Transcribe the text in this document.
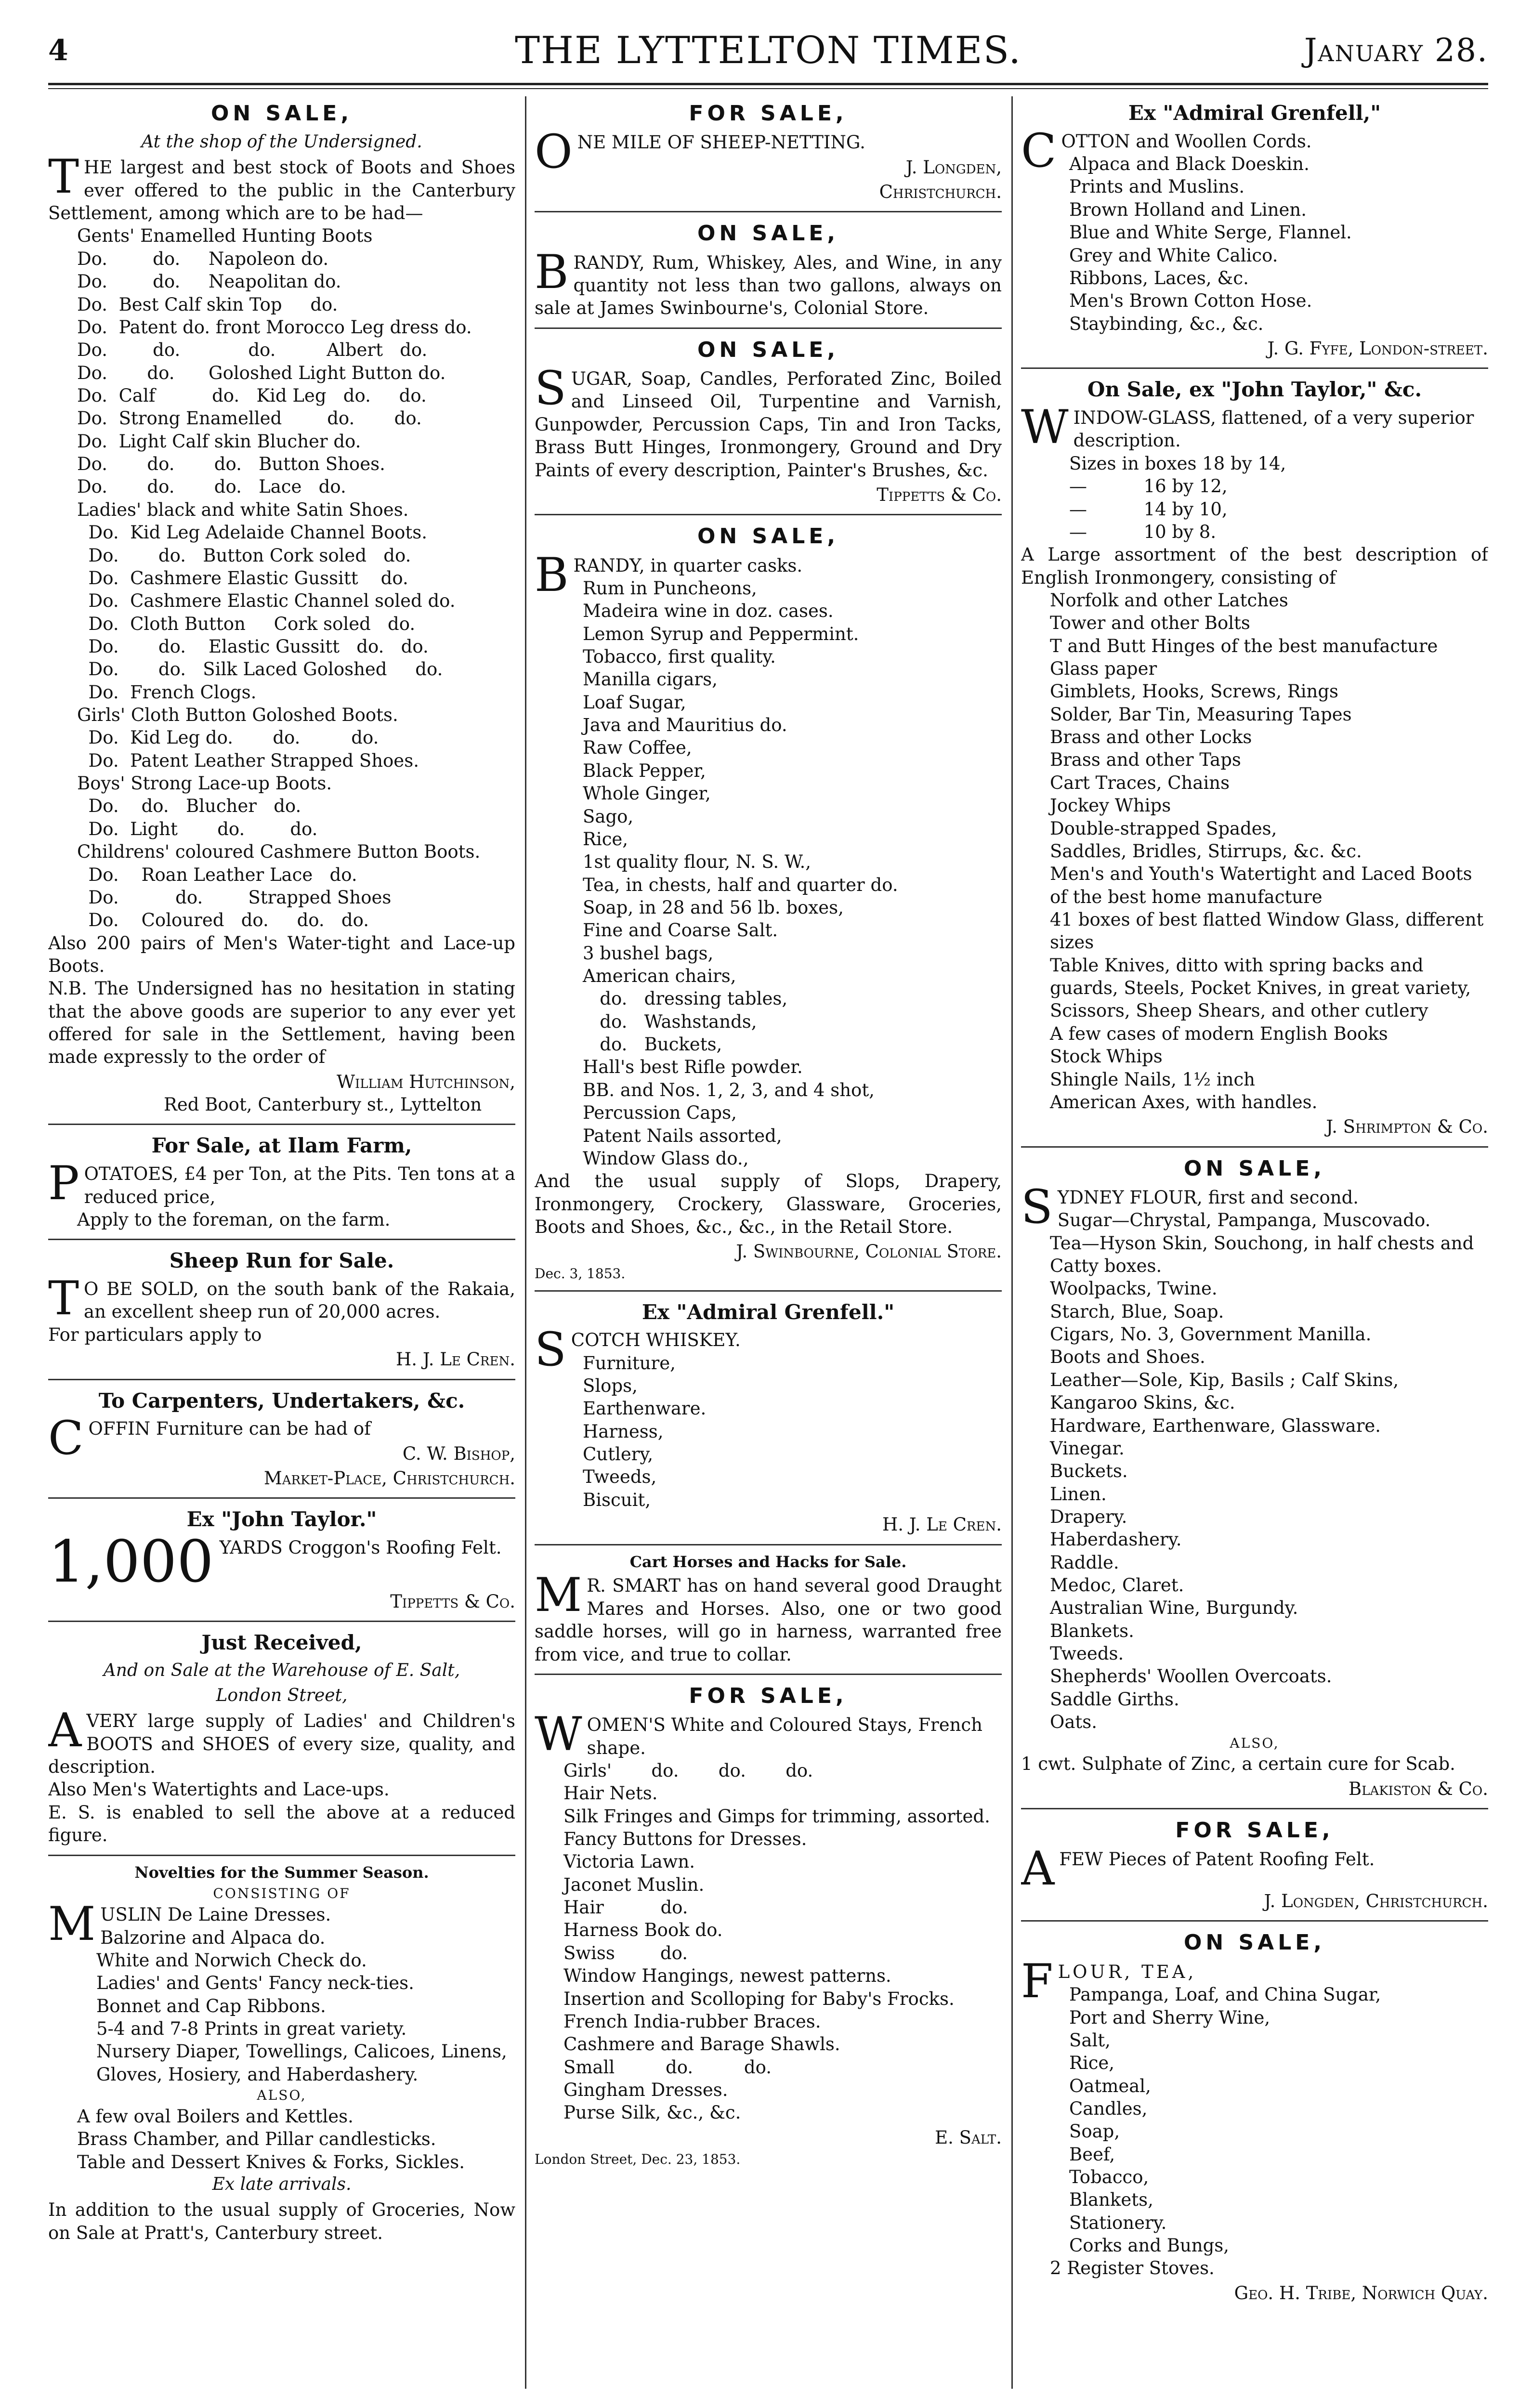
4	THE LYTTELTON TIMES.	January 28.
ON SALE,
At the shop of the Undersigned.
THE largest and best stock of Boots and Shoes ever offered to the public in the Canterbury Settlement, among which are to be had—
Gents' Enamelled Hunting Boots
Do.        do.     Napoleon do.
Do.        do.     Neapolitan do.
Do.  Best Calf skin Top     do.
Do.  Patent do. front Morocco Leg dress do.
Do.        do.            do.         Albert   do.
Do.       do.      Goloshed Light Button do.
Do.  Calf          do.   Kid Leg   do.     do.
Do.  Strong Enamelled        do.       do.
Do.  Light Calf skin Blucher do.
Do.       do.       do.   Button Shoes.
Do.       do.       do.   Lace   do.
Ladies' black and white Satin Shoes.
Do.  Kid Leg Adelaide Channel Boots.
Do.       do.   Button Cork soled   do.
Do.  Cashmere Elastic Gussitt    do.
Do.  Cashmere Elastic Channel soled do.
Do.  Cloth Button     Cork soled   do.
Do.       do.    Elastic Gussitt   do.   do.
Do.       do.   Silk Laced Goloshed     do.
Do.  French Clogs.
Girls' Cloth Button Goloshed Boots.
Do.  Kid Leg do.       do.         do.
Do.  Patent Leather Strapped Shoes.
Boys' Strong Lace-up Boots.
Do.    do.   Blucher   do.
Do.  Light       do.        do.
Childrens' coloured Cashmere Button Boots.
Do.    Roan Leather Lace   do.
Do.          do.        Strapped Shoes
Do.    Coloured   do.     do.   do.
Also 200 pairs of Men's Water-tight and Lace-up Boots.
N.B. The Undersigned has no hesitation in stating that the above goods are superior to any ever yet offered for sale in the Settlement, having been made expressly to the order of
William Hutchinson,
Red Boot, Canterbury st., Lyttelton
For Sale, at Ilam Farm,
POTATOES, £4 per Ton, at the Pits. Ten tons at a reduced price,
Apply to the foreman, on the farm.
Sheep Run for Sale.
T O BE SOLD, on the south bank of the Rakaia, an excellent sheep run of 20,000 acres.
For particulars apply to
H. J. Le Cren.
To Carpenters, Undertakers, &c.
COFFIN Furniture can be had of
C. W. Bishop,
Market-Place, Christchurch.
Ex "John Taylor."
1,000 YARDS Croggon's Roofing Felt.
Tippetts & Co.
Just Received,
And on Sale at the Warehouse of E. Salt,
London Street,
AVERY large supply of Ladies' and Children's BOOTS and SHOES of every size, quality, and description.
Also Men's Watertights and Lace-ups.
E. S. is enabled to sell the above at a reduced figure.
Novelties for the Summer Season.
CONSISTING OF
MUSLIN De Laine Dresses.
Balzorine and Alpaca do.
White and Norwich Check do.
Ladies' and Gents' Fancy neck-ties.
Bonnet and Cap Ribbons.
5-4 and 7-8 Prints in great variety.
Nursery Diaper, Towellings, Calicoes, Linens,
Gloves, Hosiery, and Haberdashery.
ALSO,
A few oval Boilers and Kettles.
Brass Chamber, and Pillar candlesticks.
Table and Dessert Knives & Forks, Sickles.
Ex late arrivals.
In addition to the usual supply of Groceries, Now on Sale at Pratt's, Canterbury street.
FOR SALE,
ONE MILE OF SHEEP-NETTING.
J. Longden,
Christchurch.
ON SALE,
BRANDY, Rum, Whiskey, Ales, and Wine, in any quantity not less than two gallons, always on sale at James Swinbourne's, Colonial Store.
ON SALE,
SUGAR, Soap, Candles, Perforated Zinc, Boiled and Linseed Oil, Turpentine and Varnish, Gunpowder, Percussion Caps, Tin and Iron Tacks, Brass Butt Hinges, Ironmongery, Ground and Dry Paints of every description, Painter's Brushes, &c.
Tippetts & Co.
ON SALE,
BRANDY, in quarter casks.
Rum in Puncheons,
Madeira wine in doz. cases.
Lemon Syrup and Peppermint.
Tobacco, first quality.
Manilla cigars,
Loaf Sugar,
Java and Mauritius do.
Raw Coffee,
Black Pepper,
Whole Ginger,
Sago,
Rice,
1st quality flour, N. S. W.,
Tea, in chests, half and quarter do.
Soap, in 28 and 56 lb. boxes,
Fine and Coarse Salt.
3 bushel bags,
American chairs,
do.   dressing tables,
do.   Washstands,
do.   Buckets,
Hall's best Rifle powder.
BB. and Nos. 1, 2, 3, and 4 shot,
Percussion Caps,
Patent Nails assorted,
Window Glass do.,
And the usual supply of Slops, Drapery, Ironmongery, Crockery, Glassware, Groceries, Boots and Shoes, &c., &c., in the Retail Store.
J. Swinbourne, Colonial Store.
Dec. 3, 1853.
Ex "Admiral Grenfell."
SCOTCH WHISKEY.
Furniture,
Slops,
Earthenware.
Harness,
Cutlery,
Tweeds,
Biscuit,
H. J. Le Cren.
Cart Horses and Hacks for Sale.
M R. SMART has on hand several good Draught Mares and Horses. Also, one or two good saddle horses, will go in harness, warranted free from vice, and true to collar.
FOR SALE,
WOMEN'S White and Coloured Stays, French shape.
Girls'       do.       do.       do.
Hair Nets.
Silk Fringes and Gimps for trimming, assorted.
Fancy Buttons for Dresses.
Victoria Lawn.
Jaconet Muslin.
Hair          do.
Harness Book do.
Swiss        do.
Window Hangings, newest patterns.
Insertion and Scolloping for Baby's Frocks.
French India-rubber Braces.
Cashmere and Barage Shawls.
Small         do.         do.
Gingham Dresses.
Purse Silk, &c., &c.
E. Salt.
London Street, Dec. 23, 1853.
Ex "Admiral Grenfell,"
COTTON and Woollen Cords.
Alpaca and Black Doeskin.
Prints and Muslins.
Brown Holland and Linen.
Blue and White Serge, Flannel.
Grey and White Calico.
Ribbons, Laces, &c.
Men's Brown Cotton Hose.
Staybinding, &c., &c.
J. G. Fyfe, London-street.
On Sale, ex "John Taylor," &c.
WINDOW-GLASS, flattened, of a very superior description.
Sizes in boxes 18 by 14,
—          16 by 12,
—          14 by 10,
—          10 by 8.
A Large assortment of the best description of English Ironmongery, consisting of
Norfolk and other Latches
Tower and other Bolts
T and Butt Hinges of the best manufacture
Glass paper
Gimblets, Hooks, Screws, Rings
Solder, Bar Tin, Measuring Tapes
Brass and other Locks
Brass and other Taps
Cart Traces, Chains
Jockey Whips
Double-strapped Spades,
Saddles, Bridles, Stirrups, &c. &c.
Men's and Youth's Watertight and Laced Boots of the best home manufacture
41 boxes of best flatted Window Glass, different sizes
Table Knives, ditto with spring backs and guards, Steels, Pocket Knives, in great variety, Scissors, Sheep Shears, and other cutlery
A few cases of modern English Books
Stock Whips
Shingle Nails, 1½ inch
American Axes, with handles.
J. Shrimpton & Co.
ON SALE,
SYDNEY FLOUR, first and second.
Sugar—Chrystal, Pampanga, Muscovado.
Tea—Hyson Skin, Souchong, in half chests and Catty boxes.
Woolpacks, Twine.
Starch, Blue, Soap.
Cigars, No. 3, Government Manilla.
Boots and Shoes.
Leather—Sole, Kip, Basils ; Calf Skins, Kangaroo Skins, &c.
Hardware, Earthenware, Glassware.
Vinegar.
Buckets.
Linen.
Drapery.
Haberdashery.
Raddle.
Medoc, Claret.
Australian Wine, Burgundy.
Blankets.
Tweeds.
Shepherds' Woollen Overcoats.
Saddle Girths.
Oats.
ALSO,
1 cwt. Sulphate of Zinc, a certain cure for Scab.
Blakiston & Co.
FOR SALE,
AFEW Pieces of Patent Roofing Felt.
J. Longden, Christchurch.
ON SALE,
FLOUR, TEA,
Pampanga, Loaf, and China Sugar,
Port and Sherry Wine,
Salt,
Rice,
Oatmeal,
Candles,
Soap,
Beef,
Tobacco,
Blankets,
Stationery.
Corks and Bungs,
2 Register Stoves.
Geo. H. Tribe, Norwich Quay.
